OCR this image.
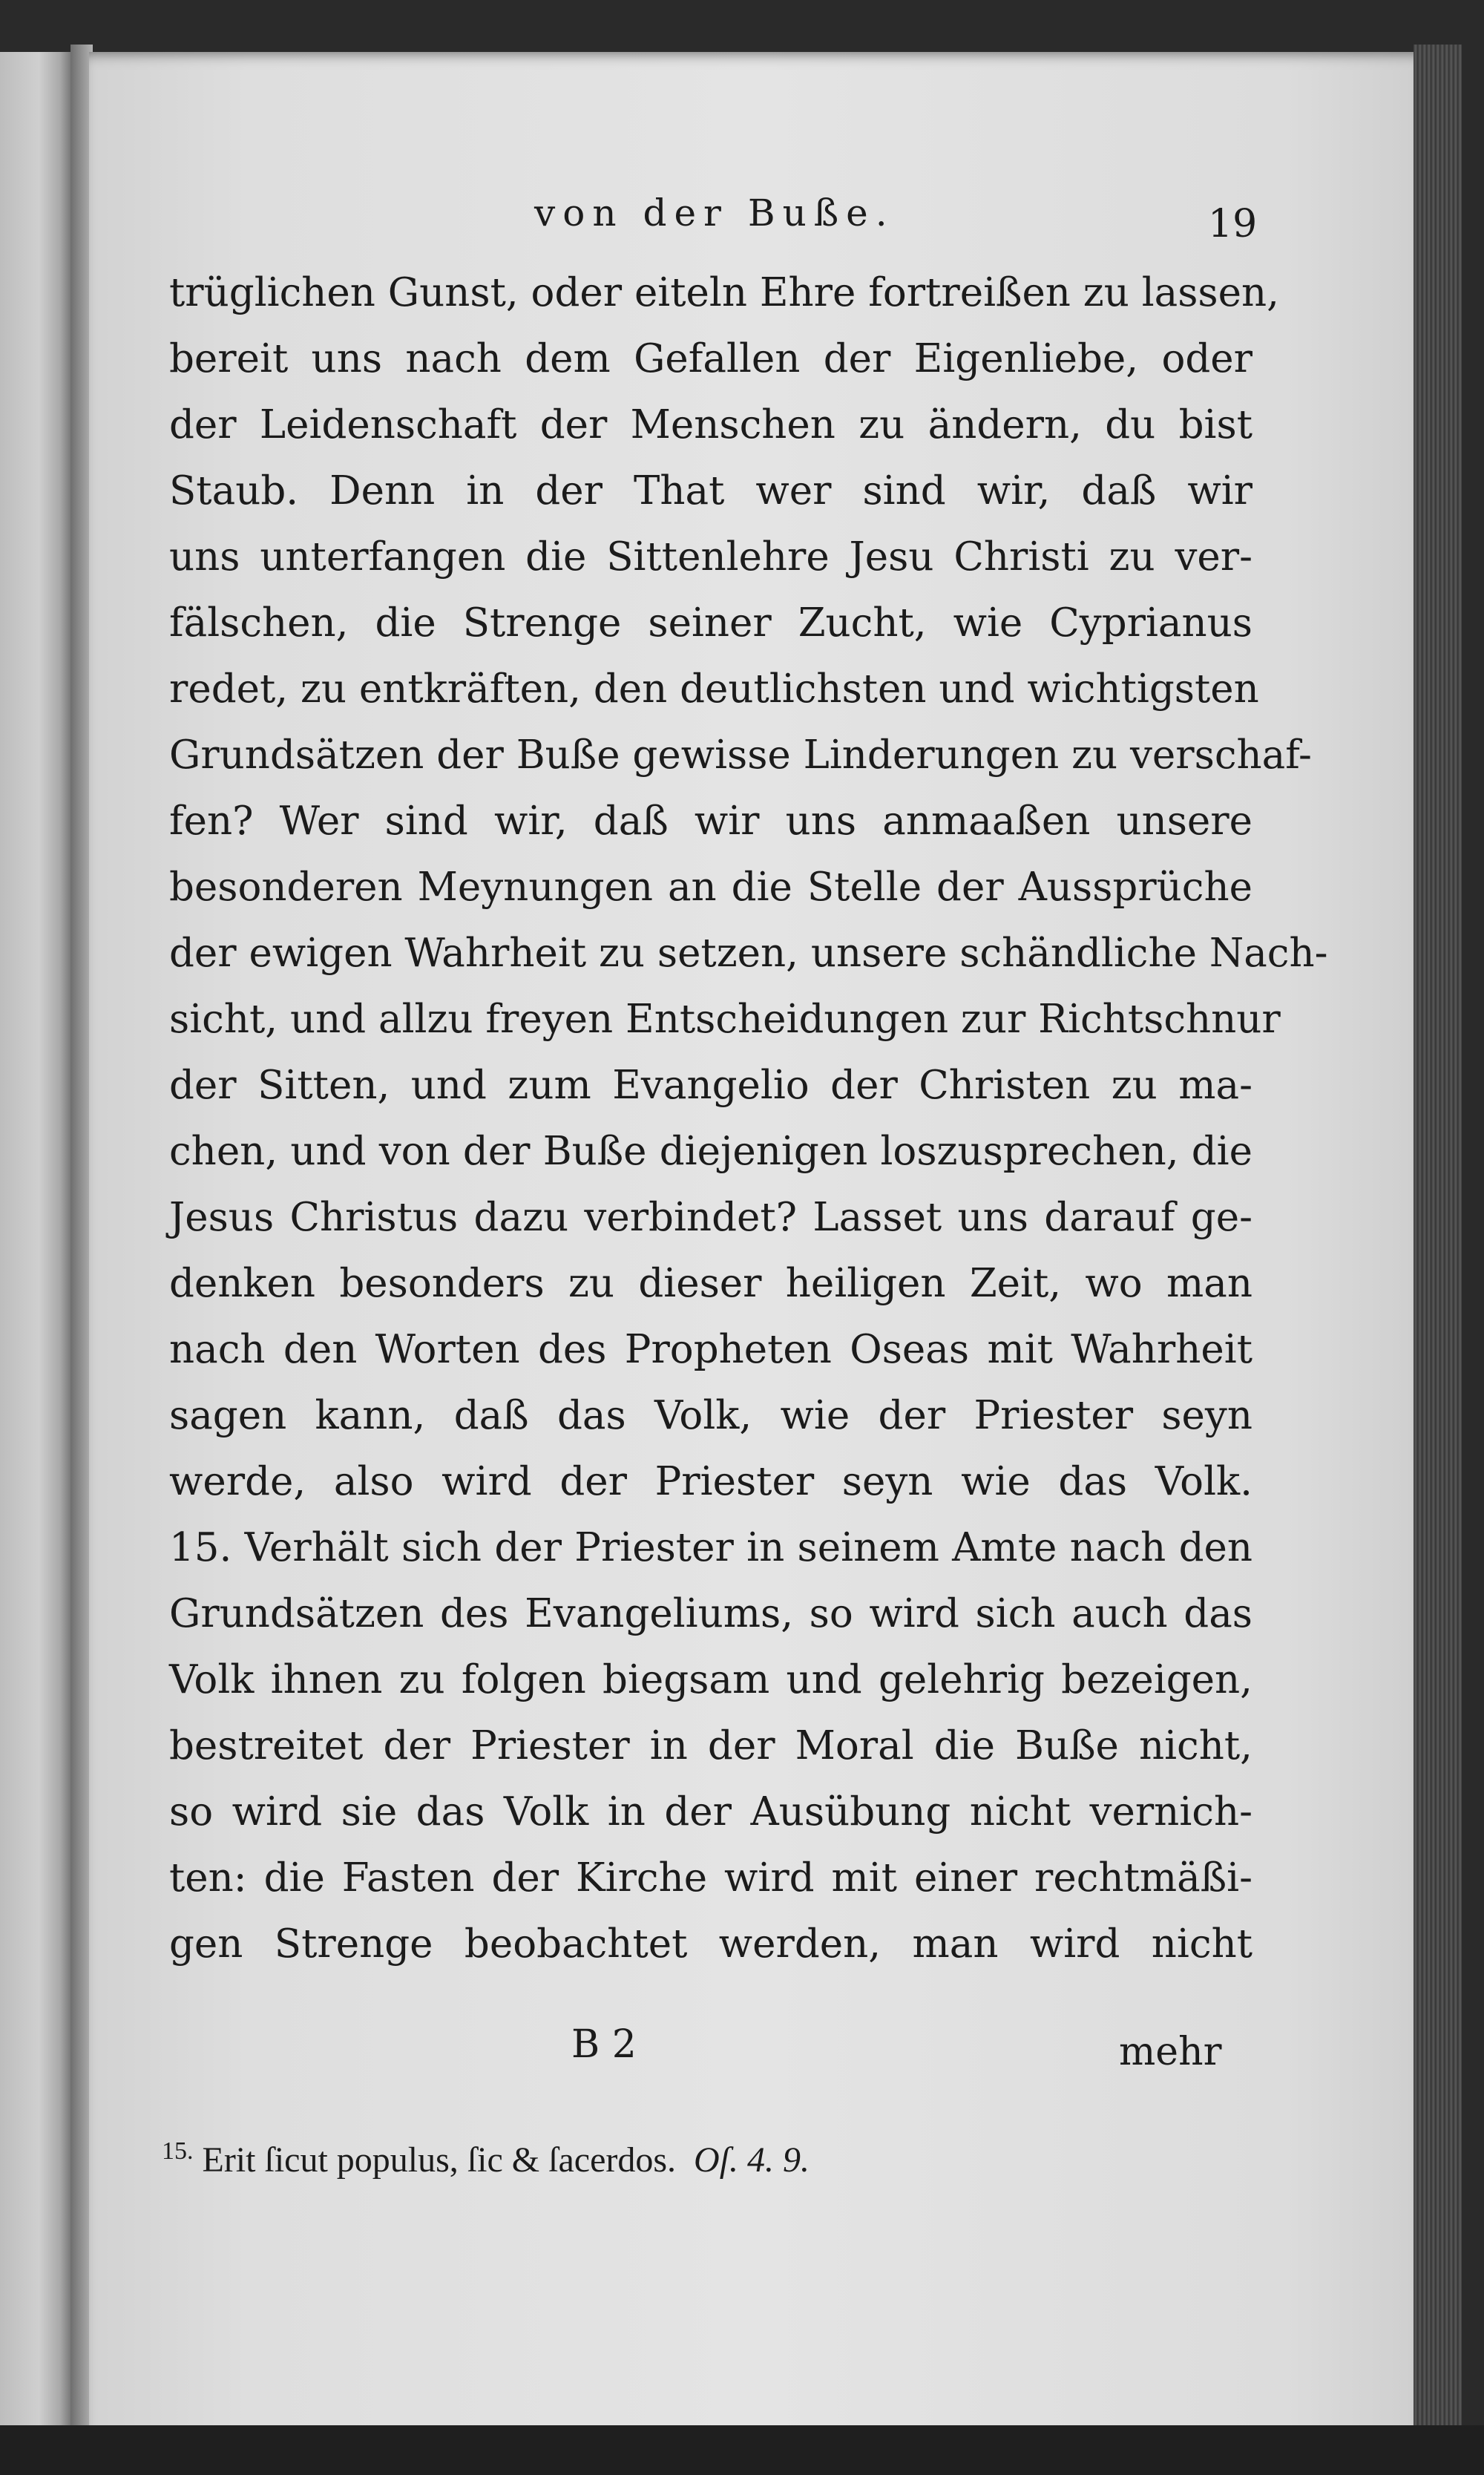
von der Buße.	19
trüglichen Gunst, oder eiteln Ehre fortreißen zu lassen,
bereit uns nach dem Gefallen der Eigenliebe, oder
der Leidenschaft der Menschen zu ändern, du bist
Staub. Denn in der That wer sind wir, daß wir
uns unterfangen die Sittenlehre Jesu Christi zu ver-
fälschen, die Strenge seiner Zucht, wie Cyprianus
redet, zu entkräften, den deutlichsten und wichtigsten
Grundsätzen der Buße gewisse Linderungen zu verschaf-
fen? Wer sind wir, daß wir uns anmaaßen unsere
besonderen Meynungen an die Stelle der Aussprüche
der ewigen Wahrheit zu setzen, unsere schändliche Nach-
sicht, und allzu freyen Entscheidungen zur Richtschnur
der Sitten, und zum Evangelio der Christen zu ma-
chen, und von der Buße diejenigen loszusprechen, die
Jesus Christus dazu verbindet? Lasset uns darauf ge-
denken besonders zu dieser heiligen Zeit, wo man
nach den Worten des Propheten Oseas mit Wahrheit
sagen kann, daß das Volk, wie der Priester seyn
werde, also wird der Priester seyn wie das Volk.
15. Verhält sich der Priester in seinem Amte nach den
Grundsätzen des Evangeliums, so wird sich auch das
Volk ihnen zu folgen biegsam und gelehrig bezeigen,
bestreitet der Priester in der Moral die Buße nicht,
so wird sie das Volk in der Ausübung nicht vernich-
ten: die Fasten der Kirche wird mit einer rechtmäßi-
gen Strenge beobachtet werden, man wird nicht
B 2	mehr
$^{15.}$ Erit ſicut populus, ſic & ſacerdos. Oſ. 4. 9.
